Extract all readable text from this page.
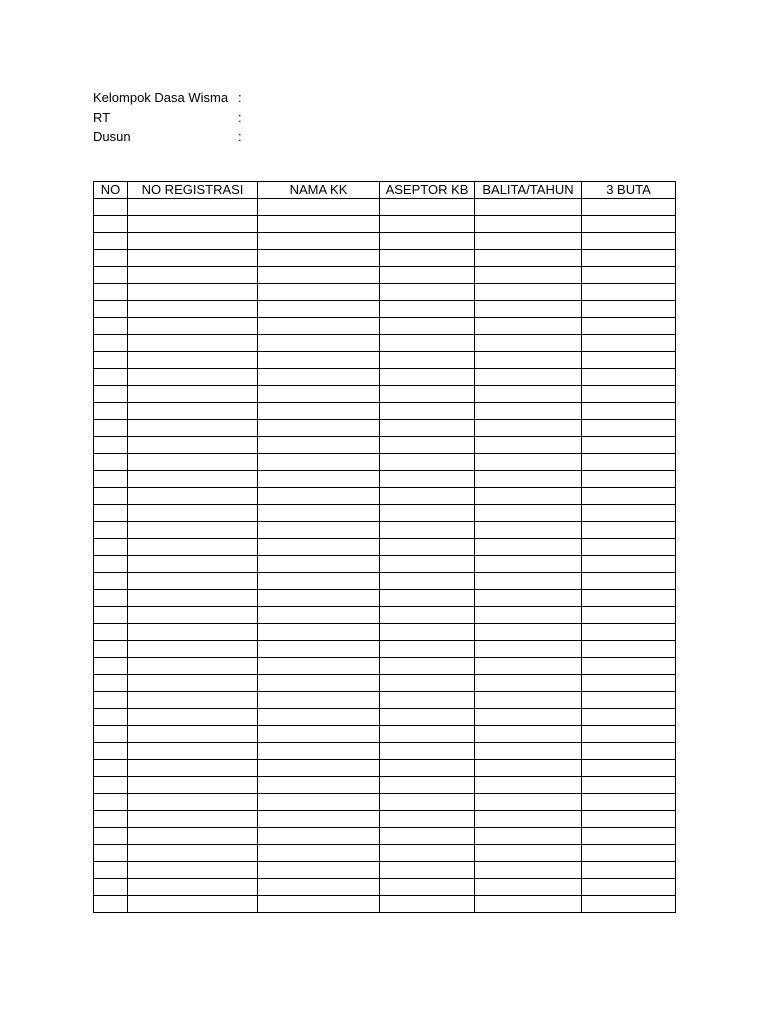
Kelompok Dasa Wisma :
RT	:
Dusun	:
NO	NO REGISTRASI	NAMA KK	ASEPTOR KB	BALITA/TAHUN	3 BUTA
